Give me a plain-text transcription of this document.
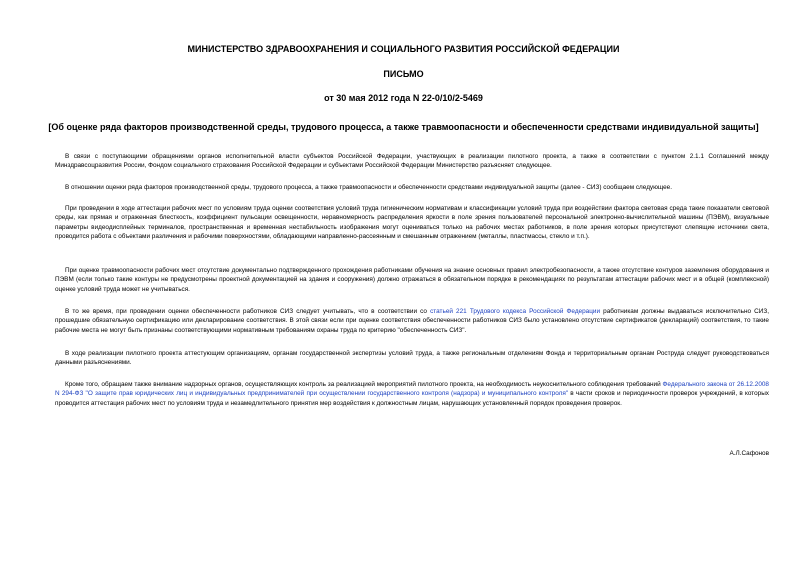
МИНИСТЕРСТВО ЗДРАВООХРАНЕНИЯ И СОЦИАЛЬНОГО РАЗВИТИЯ РОССИЙСКОЙ ФЕДЕРАЦИИ
ПИСЬМО
от 30 мая 2012 года N 22-0/10/2-5469
[Об оценке ряда факторов производственной среды, трудового процесса, а также травмоопасности и обеспеченности средствами индивидуальной защиты]

В связи с поступающими обращениями органов исполнительной власти субъектов Российской Федерации, участвующих в реализации пилотного проекта, а также в соответствии с пунктом 2.1.1 Соглашений между Минздравсоцразвития России, Фондом социального страхования Российской Федерации и субъектами Российской Федерации Министерство разъясняет следующее.

В отношении оценки ряда факторов производственной среды, трудового процесса, а также травмоопасности и обеспеченности средствами индивидуальной защиты (далее - СИЗ) сообщаем следующее.

При проведении в ходе аттестации рабочих мест по условиям труда оценки соответствия условий труда гигиеническим нормативам и классификации условий труда при воздействии фактора световая среда такие показатели световой среды, как прямая и отраженная блесткость, коэффициент пульсации освещенности, неравномерность распределения яркости в поле зрения пользователей персональной электронно-вычислительной машины (ПЭВМ), визуальные параметры видеодисплейных терминалов, пространственная и временная нестабильность изображения могут оцениваться только на рабочих местах работников, в поле зрения которых присутствуют слепящие источники света, проводится работа с объектами различения и рабочими поверхностями, обладающими направленно-рассеянным и смешанным отражением (металлы, пластмассы, стекло и т.п.).

При оценке травмоопасности рабочих мест отсутствие документально подтвержденного прохождения работниками обучения на знание основных правил электробезопасности, а также отсутствие контуров заземления оборудования и ПЭВМ (если только такие контуры не предусмотрены проектной документацией на здания и сооружения) должно отражаться в обязательном порядке в рекомендациях по результатам аттестации рабочих мест и в общей (комплексной) оценке условий труда может не учитываться.

В то же время, при проведении оценки обеспеченности работников СИЗ следует учитывать, что в соответствии со статьей 221 Трудового кодекса Российской Федерации работникам должны выдаваться исключительно СИЗ, прошедшие обязательную сертификацию или декларирование соответствия. В этой связи если при оценке соответствия обеспеченности работников СИЗ было установлено отсутствие сертификатов (деклараций) соответствия, то такие рабочие места не могут быть признаны соответствующими нормативным требованиям охраны труда по критерию "обеспеченность СИЗ".

В ходе реализации пилотного проекта аттестующим организациям, органам государственной экспертизы условий труда, а также региональным отделениям Фонда и территориальным органам Роструда следует руководствоваться данными разъяснениями.

Кроме того, обращаем также внимание надзорных органов, осуществляющих контроль за реализацией мероприятий пилотного проекта, на необходимость неукоснительного соблюдения требований Федерального закона от 26.12.2008 N 294-ФЗ "О защите прав юридических лиц и индивидуальных предпринимателей при осуществлении государственного контроля (надзора) и муниципального контроля" в части сроков и периодичности проверок учреждений, в которых проводится аттестация рабочих мест по условиям труда и незамедлительного принятия мер воздействия к должностным лицам, нарушающих установленный порядок проведения проверок.

А.Л.Сафонов
